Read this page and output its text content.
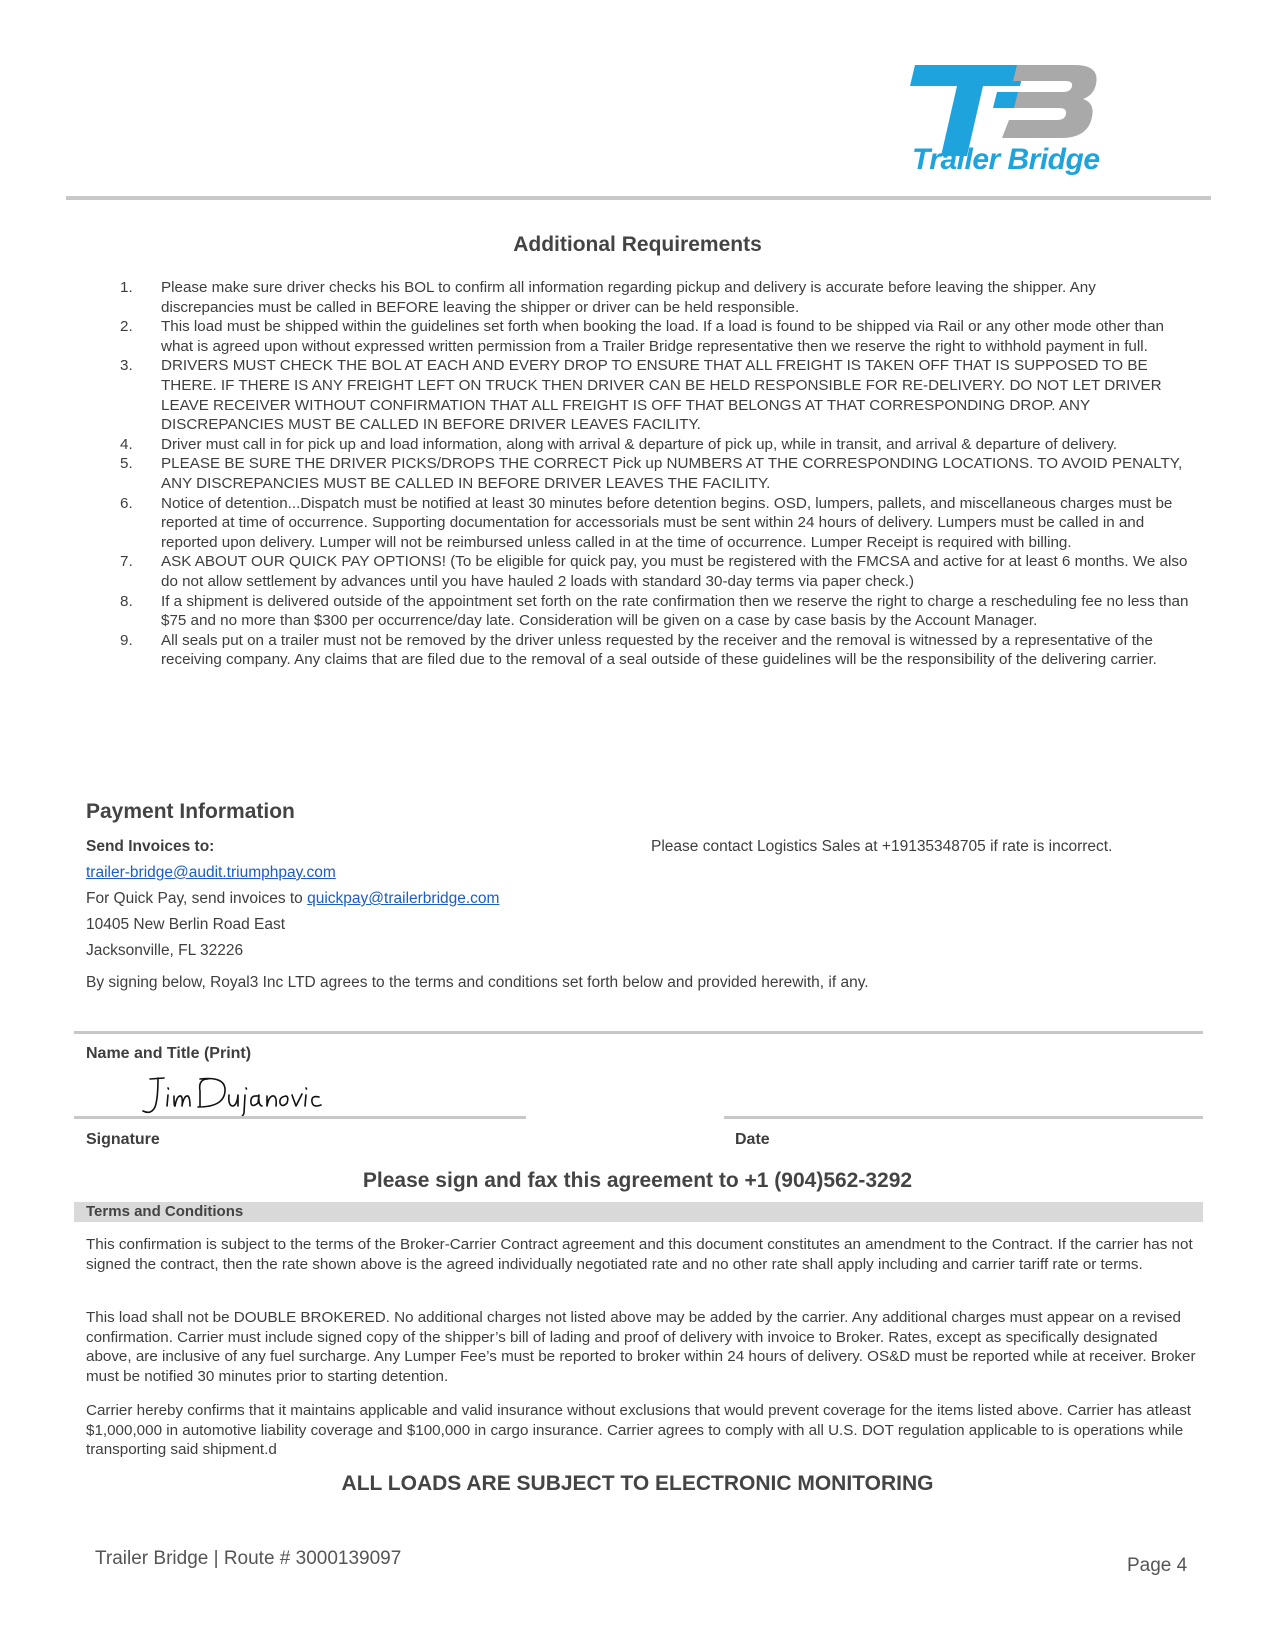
Trailer Bridge
Additional Requirements
1. Please make sure driver checks his BOL to confirm all information regarding pickup and delivery is accurate before leaving the shipper. Any discrepancies must be called in BEFORE leaving the shipper or driver can be held responsible.
2. This load must be shipped within the guidelines set forth when booking the load. If a load is found to be shipped via Rail or any other mode other than what is agreed upon without expressed written permission from a Trailer Bridge representative then we reserve the right to withhold payment in full.
3. DRIVERS MUST CHECK THE BOL AT EACH AND EVERY DROP TO ENSURE THAT ALL FREIGHT IS TAKEN OFF THAT IS SUPPOSED TO BE THERE. IF THERE IS ANY FREIGHT LEFT ON TRUCK THEN DRIVER CAN BE HELD RESPONSIBLE FOR RE-DELIVERY. DO NOT LET DRIVER LEAVE RECEIVER WITHOUT CONFIRMATION THAT ALL FREIGHT IS OFF THAT BELONGS AT THAT CORRESPONDING DROP. ANY DISCREPANCIES MUST BE CALLED IN BEFORE DRIVER LEAVES FACILITY.
4. Driver must call in for pick up and load information, along with arrival & departure of pick up, while in transit, and arrival & departure of delivery.
5. PLEASE BE SURE THE DRIVER PICKS/DROPS THE CORRECT Pick up NUMBERS AT THE CORRESPONDING LOCATIONS. TO AVOID PENALTY, ANY DISCREPANCIES MUST BE CALLED IN BEFORE DRIVER LEAVES THE FACILITY.
6. Notice of detention...Dispatch must be notified at least 30 minutes before detention begins. OSD, lumpers, pallets, and miscellaneous charges must be reported at time of occurrence. Supporting documentation for accessorials must be sent within 24 hours of delivery. Lumpers must be called in and reported upon delivery. Lumper will not be reimbursed unless called in at the time of occurrence. Lumper Receipt is required with billing.
7. ASK ABOUT OUR QUICK PAY OPTIONS! (To be eligible for quick pay, you must be registered with the FMCSA and active for at least 6 months. We also do not allow settlement by advances until you have hauled 2 loads with standard 30-day terms via paper check.)
8. If a shipment is delivered outside of the appointment set forth on the rate confirmation then we reserve the right to charge a rescheduling fee no less than $75 and no more than $300 per occurrence/day late. Consideration will be given on a case by case basis by the Account Manager.
9. All seals put on a trailer must not be removed by the driver unless requested by the receiver and the removal is witnessed by a representative of the receiving company. Any claims that are filed due to the removal of a seal outside of these guidelines will be the responsibility of the delivering carrier.
Payment Information
Send Invoices to:	Please contact Logistics Sales at +19135348705 if rate is incorrect.
trailer-bridge@audit.triumphpay.com
For Quick Pay, send invoices to quickpay@trailerbridge.com
10405 New Berlin Road East
Jacksonville, FL 32226
By signing below, Royal3 Inc LTD agrees to the terms and conditions set forth below and provided herewith, if any.
Name and Title (Print)
Signature	Date
Please sign and fax this agreement to +1 (904)562-3292
Terms and Conditions
This confirmation is subject to the terms of the Broker-Carrier Contract agreement and this document constitutes an amendment to the Contract. If the carrier has not signed the contract, then the rate shown above is the agreed individually negotiated rate and no other rate shall apply including and carrier tariff rate or terms.
This load shall not be DOUBLE BROKERED. No additional charges not listed above may be added by the carrier. Any additional charges must appear on a revised confirmation. Carrier must include signed copy of the shipper’s bill of lading and proof of delivery with invoice to Broker. Rates, except as specifically designated above, are inclusive of any fuel surcharge. Any Lumper Fee’s must be reported to broker within 24 hours of delivery. OS&D must be reported while at receiver. Broker must be notified 30 minutes prior to starting detention.
Carrier hereby confirms that it maintains applicable and valid insurance without exclusions that would prevent coverage for the items listed above. Carrier has atleast $1,000,000 in automotive liability coverage and $100,000 in cargo insurance. Carrier agrees to comply with all U.S. DOT regulation applicable to is operations while transporting said shipment.d
ALL LOADS ARE SUBJECT TO ELECTRONIC MONITORING
Trailer Bridge | Route # 3000139097	Page 4
